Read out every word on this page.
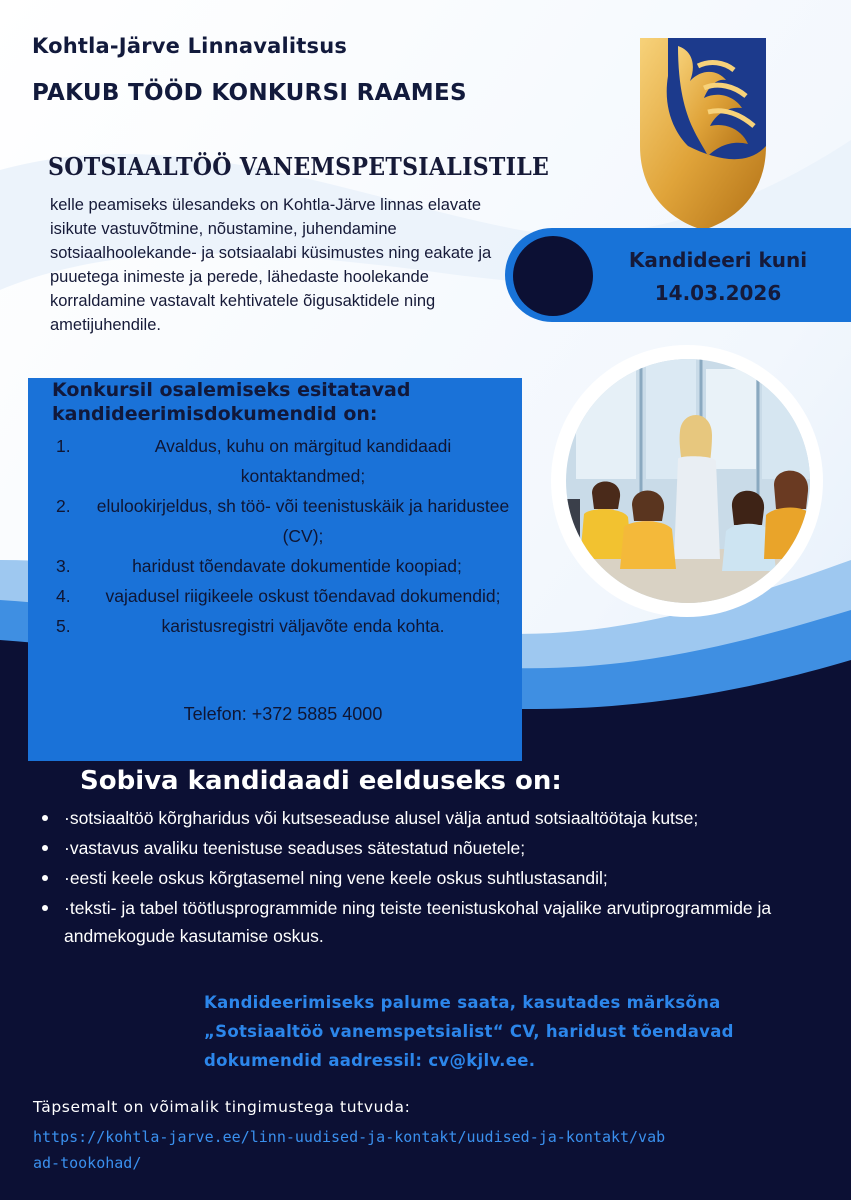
Kohtla-Järve Linnavalitsus
PAKUB TÖÖD KONKURSI RAAMES
SOTSIAALTÖÖ VANEMSPETSIALISTILE
kelle peamiseks ülesandeks on Kohtla-Järve linnas elavate isikute vastuvõtmine, nõustamine, juhendamine sotsiaalhoolekande- ja sotsiaalabi küsimustes ning eakate ja puuetega inimeste ja perede, lähedaste hoolekande korraldamine vastavalt kehtivatele õigusaktidele ning ametijuhendile.
Kandideeri kuni
14.03.2026
Konkursil osalemiseks esitatavad kandideerimisdokumendid on:
1.	Avaldus, kuhu on märgitud kandidaadi kontaktandmed;
2. elulookirjeldus, sh töö- või teenistuskäik ja haridustee (CV);
3.	haridust tõendavate dokumentide koopiad;
4. vajadusel riigikeele oskust tõendavad dokumendid;
5.	karistusregistri väljavõte enda kohta.
Telefon: +372 5885 4000
Sobiva kandidaadi eelduseks on:
·sotsiaaltöö kõrgharidus või kutseseaduse alusel välja antud sotsiaaltöötaja kutse;
·vastavus avaliku teenistuse seaduses sätestatud nõuetele;
·eesti keele oskus kõrgtasemel ning vene keele oskus suhtlustasandil;
·teksti- ja tabel töötlusprogrammide ning teiste teenistuskohal vajalike arvutiprogrammide ja andmekogude kasutamise oskus.
Kandideerimiseks palume saata, kasutades märksõna „Sotsiaaltöö vanemspetsialist“ CV, haridust tõendavad dokumendid aadressil: cv@kjlv.ee.
Täpsemalt on võimalik tingimustega tutvuda:
https://kohtla-jarve.ee/linn-uudised-ja-kontakt/uudised-ja-kontakt/vabad-tookohad/
